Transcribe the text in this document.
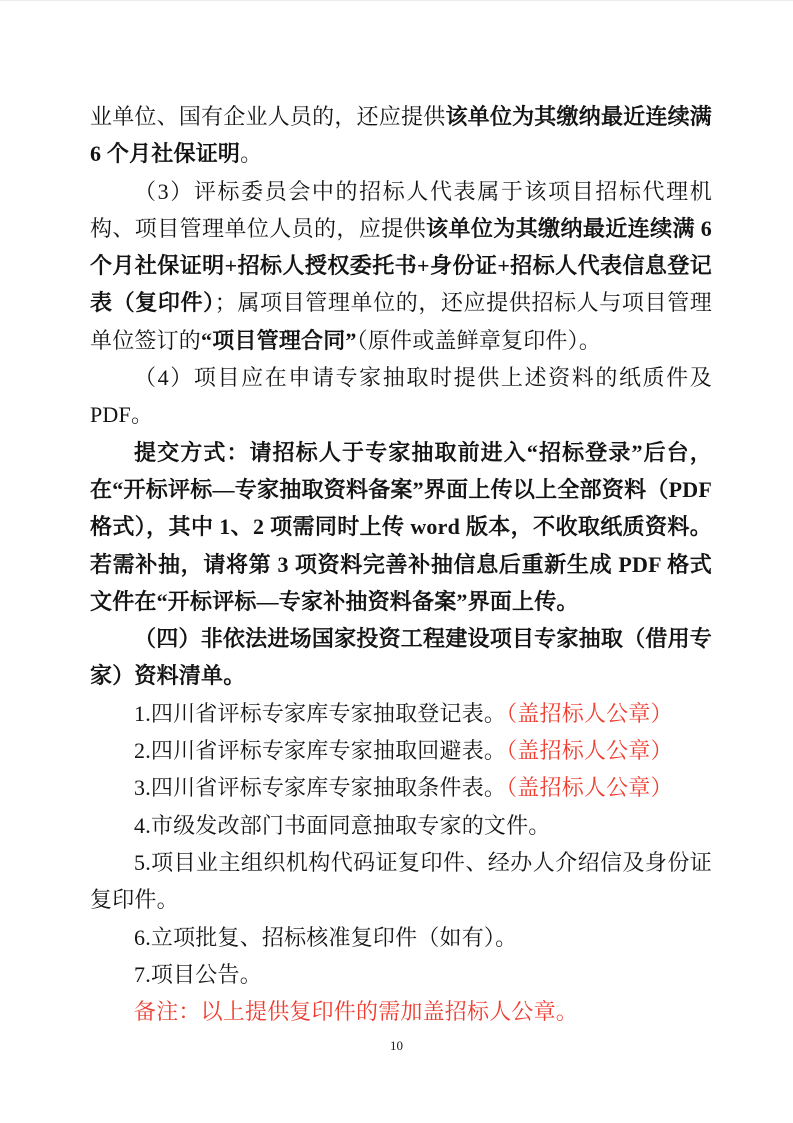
业单位、国有企业人员的，还应提供该单位为其缴纳最近连续满 6 个月社保证明。

（3）评标委员会中的招标人代表属于该项目招标代理机构、项目管理单位人员的，应提供该单位为其缴纳最近连续满 6 个月社保证明+招标人授权委托书+身份证+招标人代表信息登记表（复印件）；属项目管理单位的，还应提供招标人与项目管理单位签订的“项目管理合同”（原件或盖鲜章复印件）。

（4）项目应在申请专家抽取时提供上述资料的纸质件及 PDF。

提交方式：请招标人于专家抽取前进入“招标登录”后台，在“开标评标—专家抽取资料备案”界面上传以上全部资料（PDF 格式），其中 1、2 项需同时上传 word 版本，不收取纸质资料。若需补抽，请将第 3 项资料完善补抽信息后重新生成 PDF 格式文件在“开标评标—专家补抽资料备案”界面上传。

（四）非依法进场国家投资工程建设项目专家抽取（借用专家）资料清单。

1.四川省评标专家库专家抽取登记表。（盖招标人公章）

2.四川省评标专家库专家抽取回避表。（盖招标人公章）

3.四川省评标专家库专家抽取条件表。（盖招标人公章）

4.市级发改部门书面同意抽取专家的文件。

5.项目业主组织机构代码证复印件、经办人介绍信及身份证复印件。

6.立项批复、招标核准复印件（如有）。

7.项目公告。

备注：以上提供复印件的需加盖招标人公章。

10
